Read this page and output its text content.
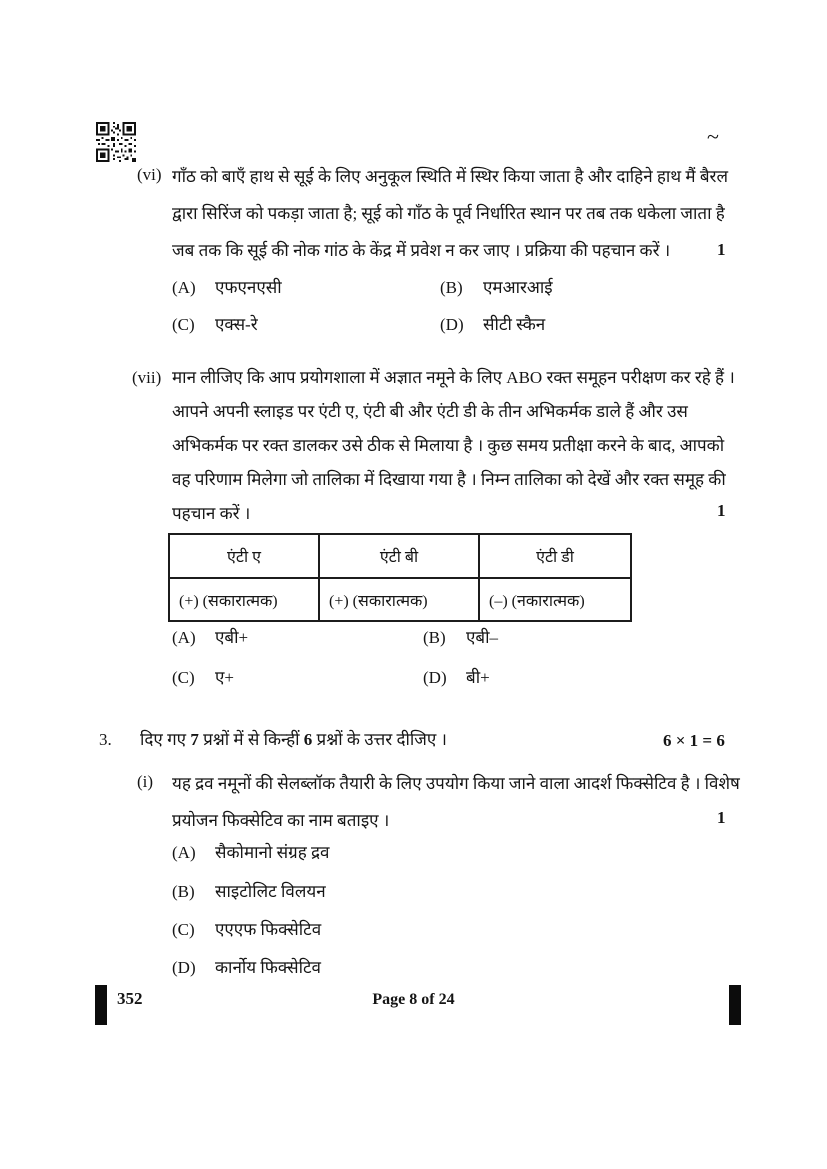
~
(vi) गाँठ को बाएँ हाथ से सूई के लिए अनुकूल स्थिति में स्थिर किया जाता है और दाहिने हाथ मैं बैरल
द्वारा सिरिंज को पकड़ा जाता है; सूई को गाँठ के पूर्व निर्धारित स्थान पर तब तक धकेला जाता है
जब तक कि सूई की नोक गांठ के केंद्र में प्रवेश न कर जाए । प्रक्रिया की पहचान करें ।	1
(A)	एफएनएसी	(B)	एमआरआई
(C)	एक्स-रे	(D)	सीटी स्कैन
(vii) मान लीजिए कि आप प्रयोगशाला में अज्ञात नमूने के लिए ABO रक्त समूहन परीक्षण कर रहे हैं ।
आपने अपनी स्लाइड पर एंटी ए, एंटी बी और एंटी डी के तीन अभिकर्मक डाले हैं और उस
अभिकर्मक पर रक्त डालकर उसे ठीक से मिलाया है । कुछ समय प्रतीक्षा करने के बाद, आपको
वह परिणाम मिलेगा जो तालिका में दिखाया गया है । निम्न तालिका को देखें और रक्त समूह की
पहचान करें ।	1
एंटी ए	एंटी बी	एंटी डी
(+) (सकारात्मक)	(+) (सकारात्मक)	(–) (नकारात्मक)
(A)	एबी+	(B)	एबी–
(C)	ए+	(D)	बी+
3. दिए गए 7 प्रश्नों में से किन्हीं 6 प्रश्नों के उत्तर दीजिए ।	6 × 1 = 6
(i) यह द्रव नमूनों की सेलब्लॉक तैयारी के लिए उपयोग किया जाने वाला आदर्श फिक्सेटिव है । विशेष
प्रयोजन फिक्सेटिव का नाम बताइए ।	1
(A)	सैकोमानो संग्रह द्रव
(B)	साइटोलिट विलयन
(C)	एएएफ फिक्सेटिव
(D)	कार्नोय फिक्सेटिव
352	Page 8 of 24
